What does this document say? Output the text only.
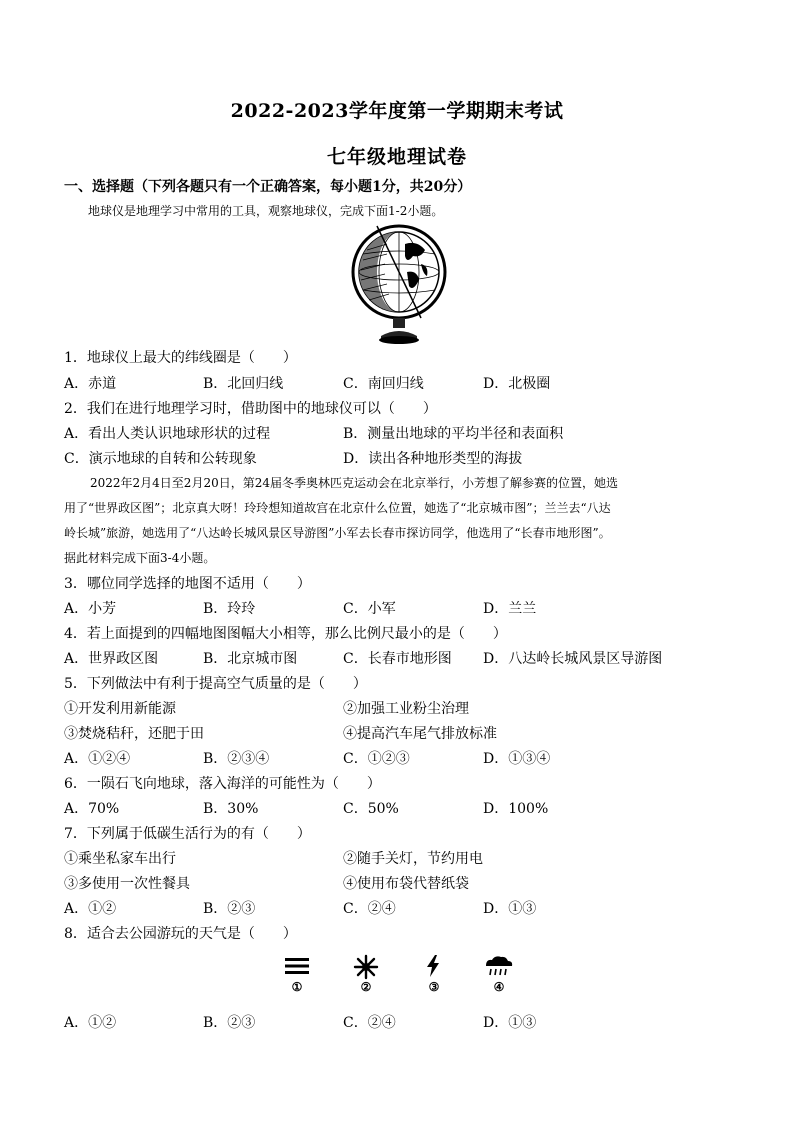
2022-2023学年度第一学期期末考试
七年级地理试卷
一、选择题（下列各题只有一个正确答案，每小题1分，共20分）
地球仪是地理学习中常用的工具，观察地球仪，完成下面1-2小题。
1．地球仪上最大的纬线圈是（　　）
A．赤道	B．北回归线	C．南回归线	D．北极圈
2．我们在进行地理学习时，借助图中的地球仪可以（　　）
A．看出人类认识地球形状的过程	B．测量出地球的平均半径和表面积
C．演示地球的自转和公转现象	D．读出各种地形类型的海拔
2022年2月4日至2月20日，第24届冬季奥林匹克运动会在北京举行，小芳想了解参赛的位置，她选
用了“世界政区图”；北京真大呀！玲玲想知道故宫在北京什么位置，她选了“北京城市图”；兰兰去“八达
岭长城”旅游，她选用了“八达岭长城风景区导游图”小军去长春市探访同学，他选用了“长春市地形图”。
据此材料完成下面3-4小题。
3．哪位同学选择的地图不适用（　　）
A．小芳	B．玲玲	C．小军	D．兰兰
4．若上面提到的四幅地图图幅大小相等，那么比例尺最小的是（　　）
A．世界政区图	B．北京城市图	C．长春市地形图 D．八达岭长城风景区导游图
5．下列做法中有利于提高空气质量的是（　　）
①开发利用新能源	②加强工业粉尘治理
③焚烧秸秆，还肥于田	④提高汽车尾气排放标准
A．①②④	B．②③④	C．①②③	D．①③④
6．一陨石飞向地球，落入海洋的可能性为（　　）
A．70%	B．30%	C．50%	D．100%
7．下列属于低碳生活行为的有（　　）
①乘坐私家车出行	②随手关灯，节约用电
③多使用一次性餐具	④使用布袋代替纸袋
A．①②	B．②③	C．②④	D．①③
8．适合去公园游玩的天气是（　　）
①	②	③	④
A．①②	B．②③	C．②④	D．①③
